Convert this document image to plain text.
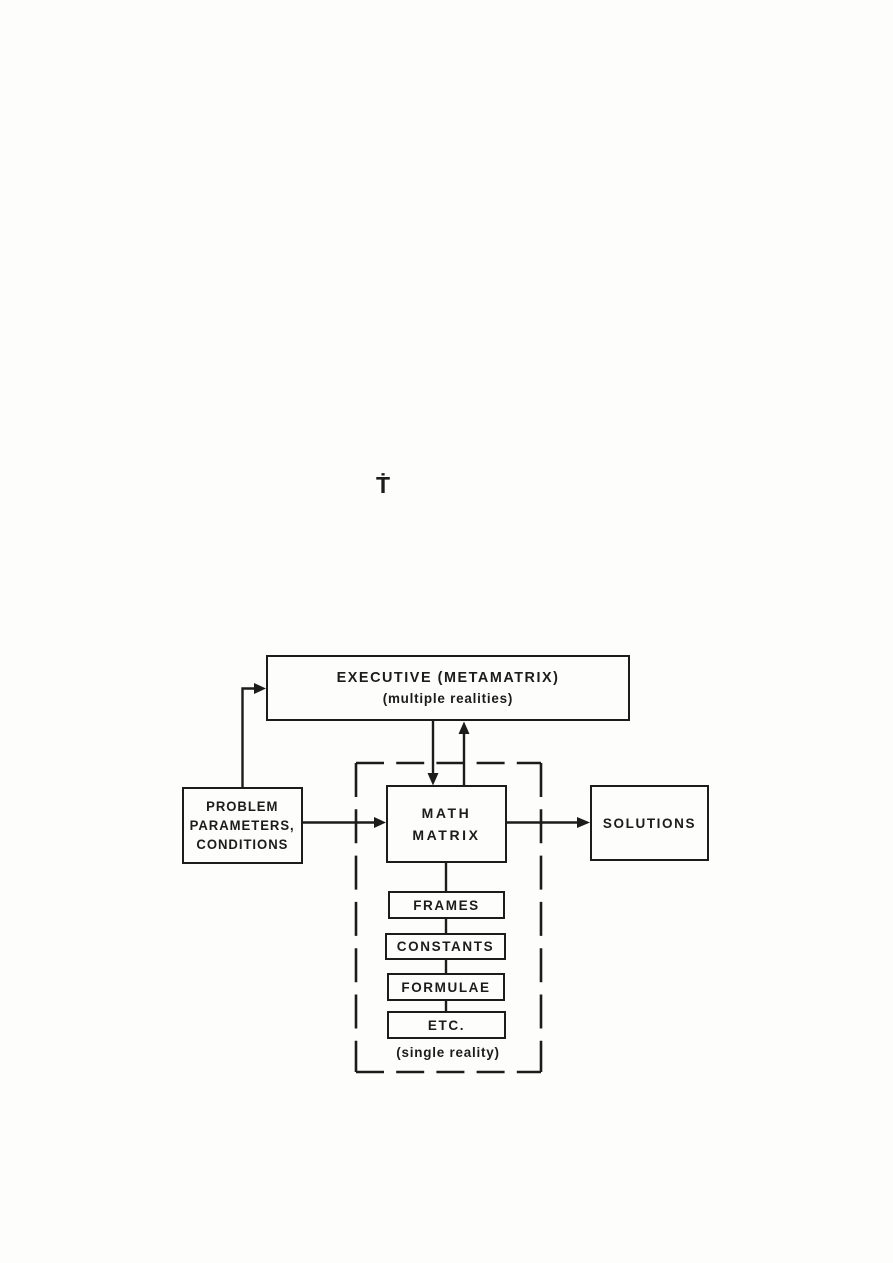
Ṫ
EXECUTIVE (METAMATRIX)
(multiple realities)
PROBLEM
PARAMETERS,
CONDITIONS
MATH
MATRIX
SOLUTIONS
FRAMES
CONSTANTS
FORMULAE
ETC.
(single reality)
